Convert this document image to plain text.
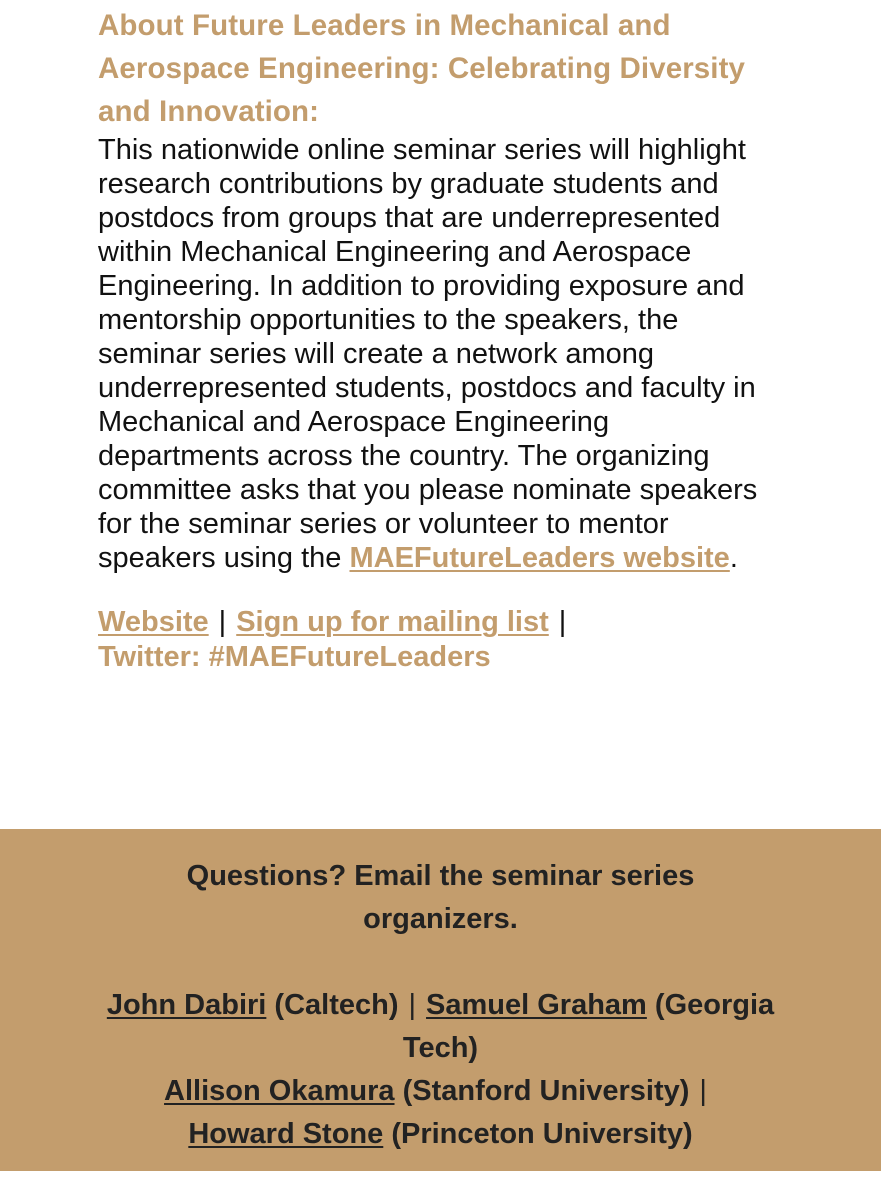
About Future Leaders in Mechanical and Aerospace Engineering: Celebrating Diversity and Innovation:

This nationwide online seminar series will highlight research contributions by graduate students and postdocs from groups that are underrepresented within Mechanical Engineering and Aerospace Engineering. In addition to providing exposure and mentorship opportunities to the speakers, the seminar series will create a network among underrepresented students, postdocs and faculty in Mechanical and Aerospace Engineering departments across the country. The organizing committee asks that you please nominate speakers for the seminar series or volunteer to mentor speakers using the MAEFutureLeaders website.

Website | Sign up for mailing list |
Twitter: #MAEFutureLeaders

Questions? Email the seminar series organizers.

John Dabiri (Caltech) | Samuel Graham (Georgia Tech)
Allison Okamura (Stanford University) |
Howard Stone (Princeton University)
